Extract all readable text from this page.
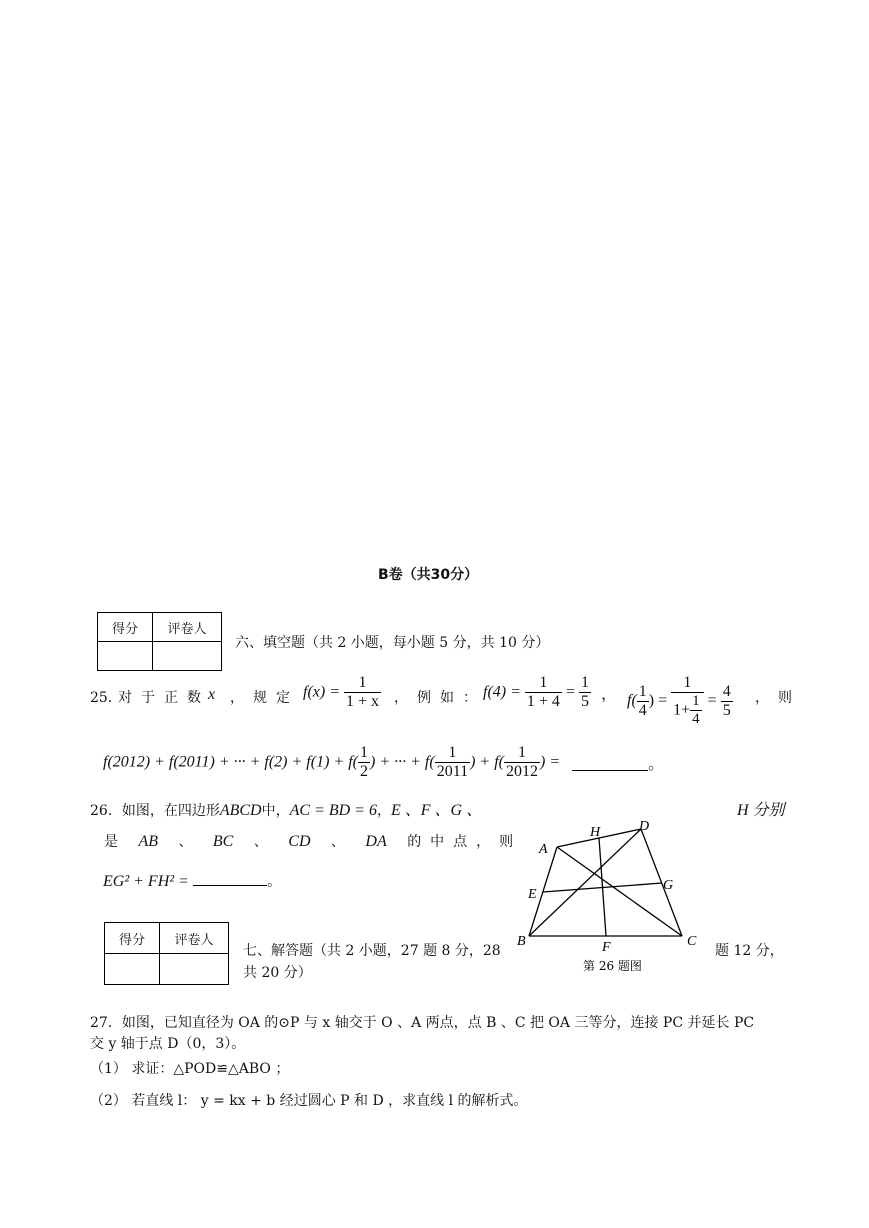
B卷（共30分）
得分	评卷人

六、填空题（共 2 小题，每小题 5 分，共 10 分）
25．
对于正数
x ，规定 $f(x) = \frac{1}{1 + x}$ ，例如：
$f(4) = \frac{1}{1 + 4} = \frac{1}{5}$ ， $f( \frac{1}{4}$ ) = $\frac{1}{1+ \frac{1}{4}} = \frac{4}{5}$ ，则
f(2012) + f(2011) + ··· + $f(2) + f(1) + f( \frac{1}{2}$ ) + ··· + $f( \frac{1}{2011}$ ) + $f( \frac{1}{2012}$ ) =	。
26．如图，在四边形ABCD中，AC = BD = 6，E 、F 、G 、	H 分别
是 AB 、 BC 、 CD 、 DA 的中点，则
EG² + FH² =	。
A
B	C
D
E
F
G
H
第 26 题图
得分	评卷人

七、解答题（共 2 小题，27 题 8 分，28	题 12 分，
共 20 分）
27．如图，已知直径为 OA 的⊙P 与 x 轴交于 O 、A 两点，点 B 、C 把 OA 三等分，连接 PC 并延长 PC
交 y 轴于点 D（0，3）。
（1） 求证：△POD≌△ABO ；
（2） 若直线 l： y = kx + b 经过圆心 P 和 D ，求直线 l 的解析式。
